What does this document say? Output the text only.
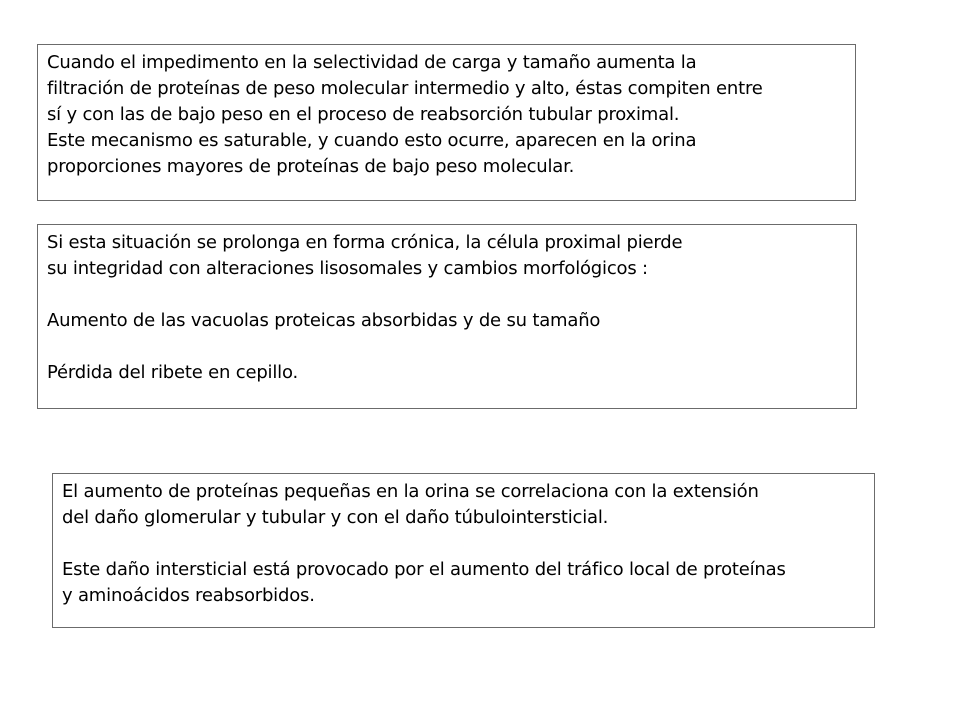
Cuando el impedimento en la selectividad de carga y tamaño aumenta la
filtración de proteínas de peso molecular intermedio y alto, éstas compiten entre
sí y con las de bajo peso en el proceso de reabsorción tubular proximal.
Este mecanismo es saturable, y cuando esto ocurre, aparecen en la orina
proporciones mayores de proteínas de bajo peso molecular.
Si esta situación se prolonga en forma crónica, la célula proximal pierde
su integridad con alteraciones lisosomales y cambios morfológicos :
Aumento de las vacuolas proteicas absorbidas y de su tamaño
Pérdida del ribete en cepillo.
El aumento de proteínas pequeñas en la orina se correlaciona con la extensión
del daño glomerular y tubular y con el daño túbulointersticial.
Este daño intersticial está provocado por el aumento del tráfico local de proteínas
y aminoácidos reabsorbidos.
